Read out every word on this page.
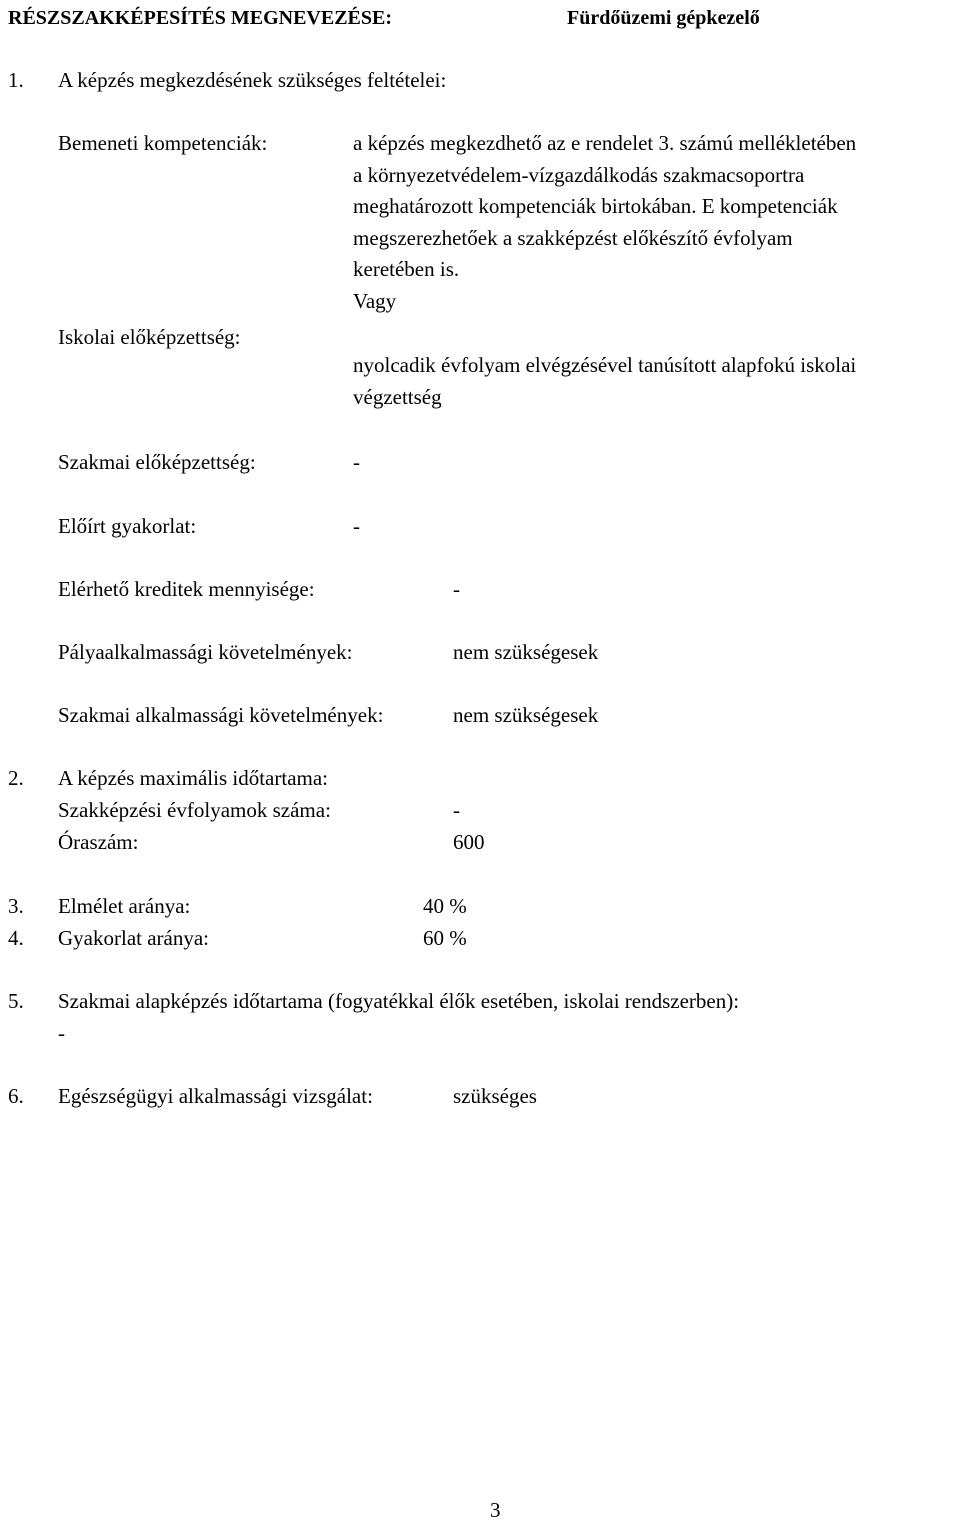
RÉSZSZAKKÉPESÍTÉS MEGNEVEZÉSE:	Fürdőüzemi gépkezelő
1. A képzés megkezdésének szükséges feltételei:
Bemeneti kompetenciák:	a képzés megkezdhető az e rendelet 3. számú mellékletében
a környezetvédelem-vízgazdálkodás szakmacsoportra
meghatározott kompetenciák birtokában. E kompetenciák
megszerezhetőek a szakképzést előkészítő évfolyam
keretében is.
Vagy
Iskolai előképzettség:
nyolcadik évfolyam elvégzésével tanúsított alapfokú iskolai
végzettség
Szakmai előképzettség:	-
Előírt gyakorlat:	-
Elérhető kreditek mennyisége:	-
Pályaalkalmassági követelmények:	nem szükségesek
Szakmai alkalmassági követelmények:	nem szükségesek
2. A képzés maximális időtartama:
Szakképzési évfolyamok száma:	-
Óraszám:	600
3. Elmélet aránya:	40 %
4. Gyakorlat aránya:	60 %
5. Szakmai alapképzés időtartama (fogyatékkal élők esetében, iskolai rendszerben):
-
6. Egészségügyi alkalmassági vizsgálat:	szükséges
3
